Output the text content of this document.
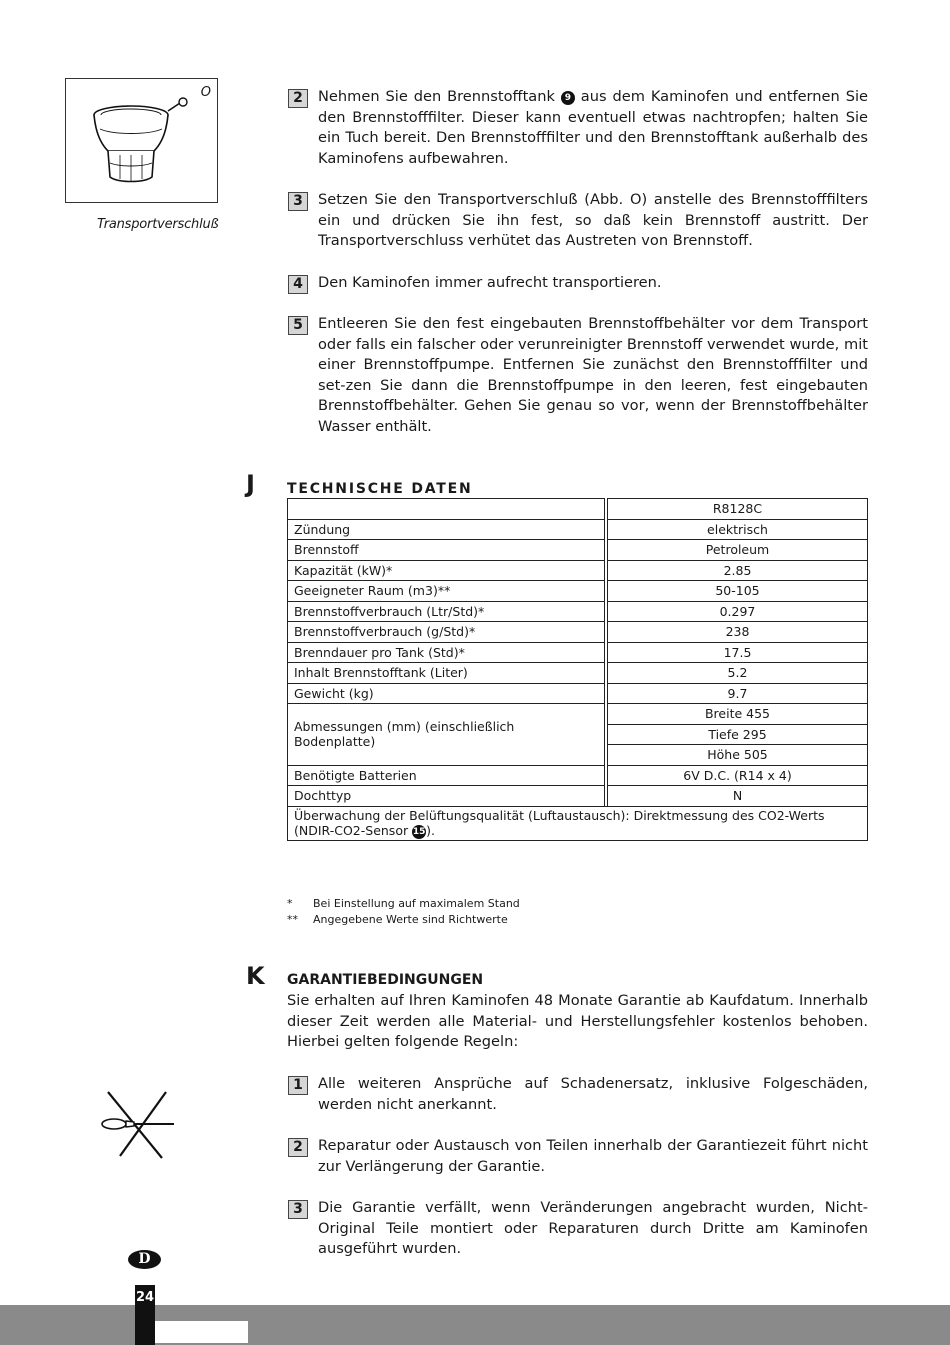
O
Transportverschluß
2	Nehmen Sie den Brennstofftank 9 aus dem Kaminofen und entfernen Sie den Brennstofffilter. Dieser kann eventuell etwas nachtropfen; halten Sie ein Tuch bereit. Den Brennstofffilter und den Brennstofftank außerhalb des Kaminofens aufbewahren.
3	Setzen Sie den Transportverschluß (Abb. O) anstelle des Brennstofffilters ein und drücken Sie ihn fest, so daß kein Brennstoff austritt. Der Transportverschluss verhütet das Austreten von Brennstoff.
4	Den Kaminofen immer aufrecht transportieren.
5	Entleeren Sie den fest eingebauten Brennstoffbehälter vor dem Transport oder falls ein falscher oder verunreinigter Brennstoff verwendet wurde, mit einer Brennstoffpumpe. Entfernen Sie zunächst den Brennstofffilter und set-zen Sie dann die Brennstoffpumpe in den leeren, fest eingebauten Brennstoffbehälter. Gehen Sie genau so vor, wenn der Brennstoffbehälter Wasser enthält.
J TECHNISCHE DATEN
		R8128C
Zündung		elektrisch
Brennstoff		Petroleum
Kapazität (kW)*		2.85
Geeigneter Raum (m3)**		50-105
Brennstoffverbrauch (Ltr/Std)*		0.297
Brennstoffverbrauch (g/Std)*		238
Brenndauer pro Tank (Std)*		17.5
Inhalt Brennstofftank (Liter)		5.2
Gewicht (kg)		9.7
Abmessungen (mm) (einschließlich Bodenplatte)		Breite 455
		Tiefe 295
		Höhe 505
Benötigte Batterien		6V D.C. (R14 x 4)
Dochttyp		N
Überwachung der Belüftungsqualität (Luftaustausch): Direktmessung des CO2-Werts (NDIR-CO2-Sensor 15).		
* Bei Einstellung auf maximalem Stand
** Angegebene Werte sind Richtwerte
K GARANTIEBEDINGUNGEN
Sie erhalten auf Ihren Kaminofen 48 Monate Garantie ab Kaufdatum. Innerhalb dieser Zeit werden alle Material- und Herstellungsfehler kostenlos behoben. Hierbei gelten folgende Regeln:
1	Alle weiteren Ansprüche auf Schadenersatz, inklusive Folgeschäden, werden nicht anerkannt.
2	Reparatur oder Austausch von Teilen innerhalb der Garantiezeit führt nicht zur Verlängerung der Garantie.
3	Die Garantie verfällt, wenn Veränderungen angebracht wurden, Nicht-Original Teile montiert oder Reparaturen durch Dritte am Kaminofen ausgeführt wurden.
D
24
